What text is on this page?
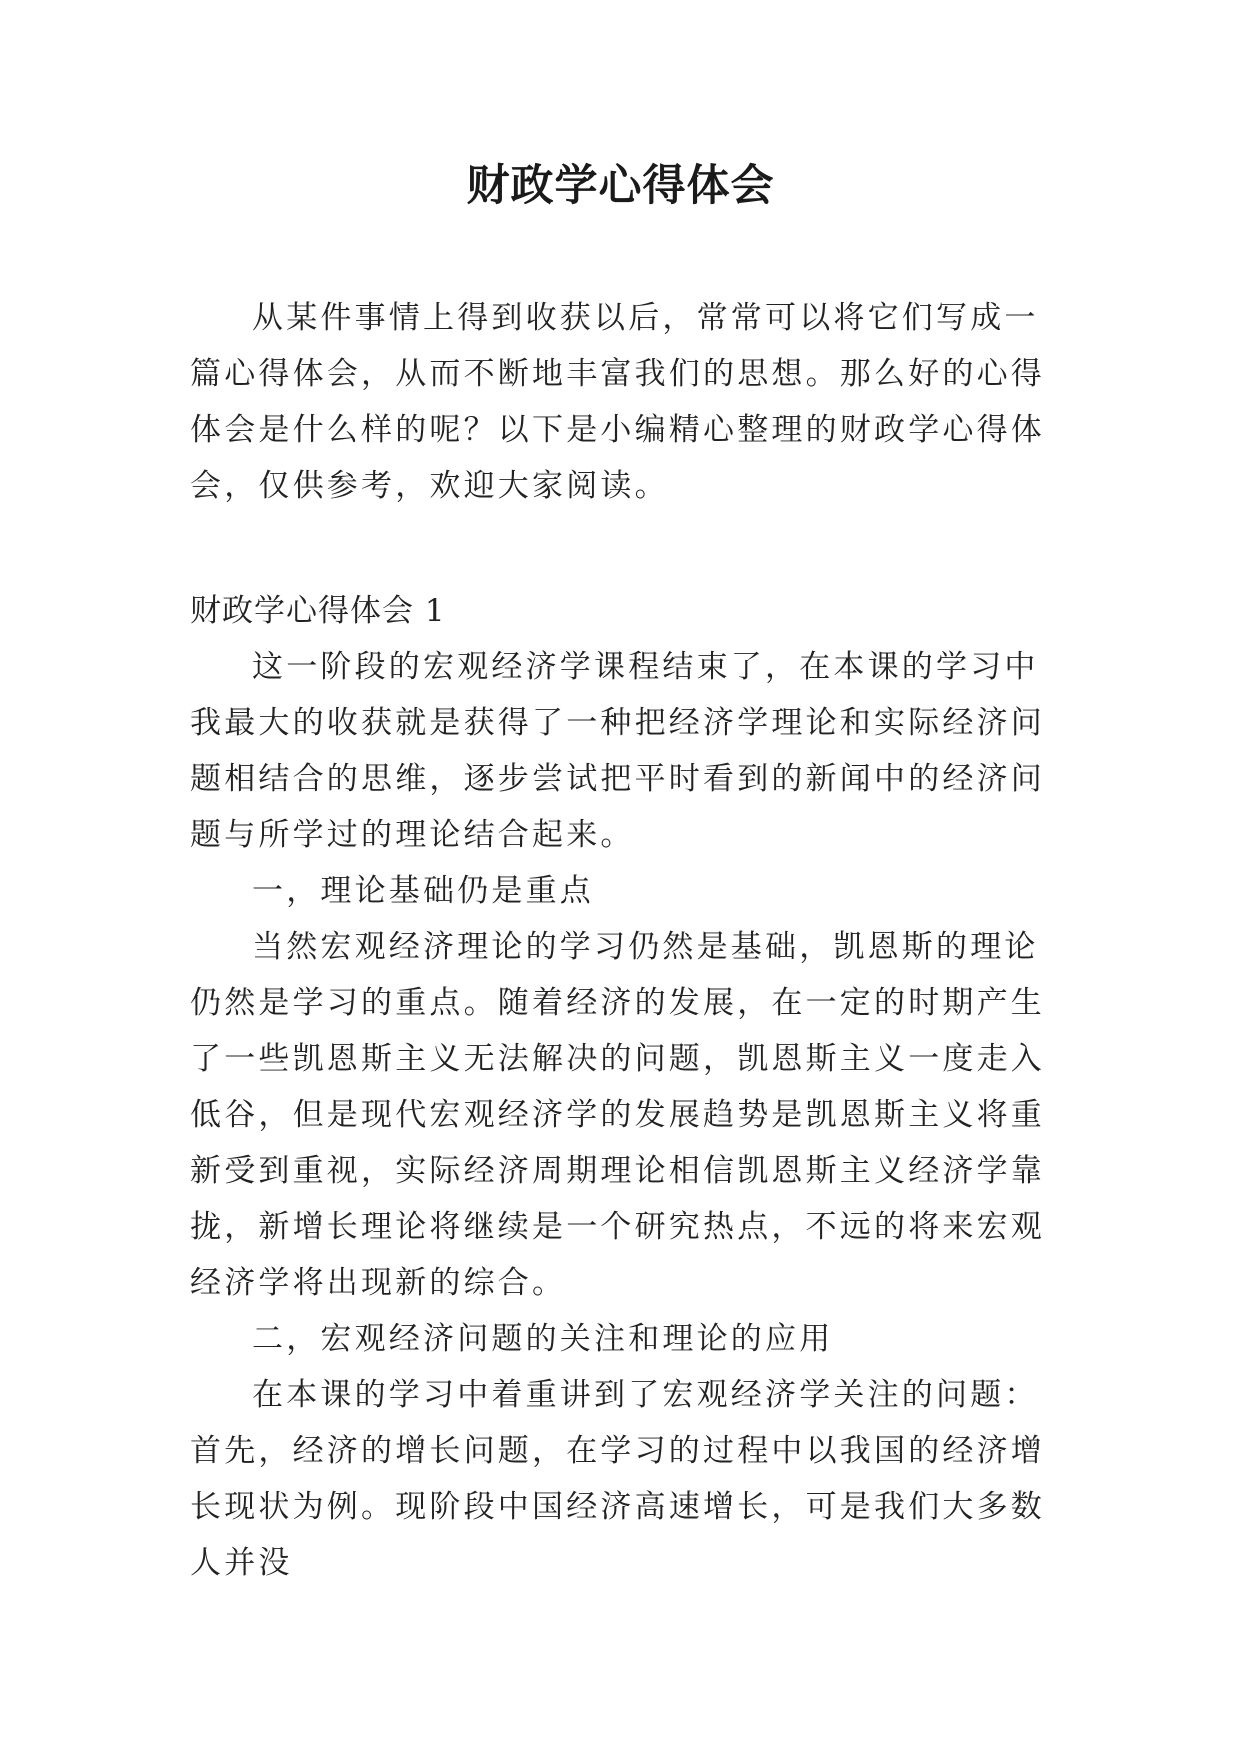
财政学心得体会

从某件事情上得到收获以后，常常可以将它们写成一篇心得体会，从而不断地丰富我们的思想。那么好的心得体会是什么样的呢？以下是小编精心整理的财政学心得体会，仅供参考，欢迎大家阅读。

财政学心得体会 1

这一阶段的宏观经济学课程结束了，在本课的学习中我最大的收获就是获得了一种把经济学理论和实际经济问题相结合的思维，逐步尝试把平时看到的新闻中的经济问题与所学过的理论结合起来。

一，理论基础仍是重点

当然宏观经济理论的学习仍然是基础，凯恩斯的理论仍然是学习的重点。随着经济的发展，在一定的时期产生了一些凯恩斯主义无法解决的问题，凯恩斯主义一度走入低谷，但是现代宏观经济学的发展趋势是凯恩斯主义将重新受到重视，实际经济周期理论相信凯恩斯主义经济学靠拢，新增长理论将继续是一个研究热点，不远的将来宏观经济学将出现新的综合。

二，宏观经济问题的关注和理论的应用

在本课的学习中着重讲到了宏观经济学关注的问题：首先，经济的增长问题，在学习的过程中以我国的经济增长现状为例。现阶段中国经济高速增长，可是我们大多数人并没
